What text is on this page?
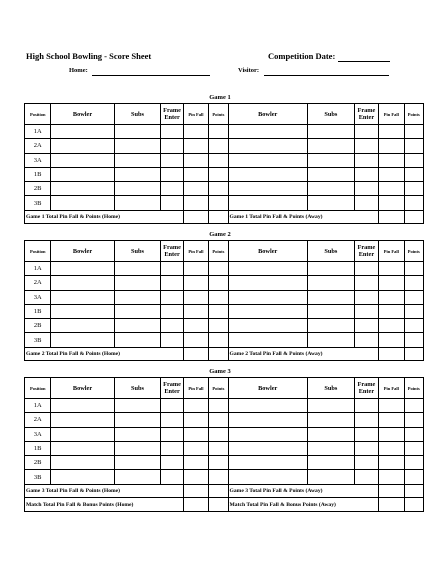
High School Bowling - Score Sheet	Competition Date:
Home:	Visitor:
Game 1
Position	Bowler	Subs	Frame Enter	Pin Fall	Points	Bowler	Subs	Frame Enter	Pin Fall	Points
1A										
2A										
3A										
1B										
2B										
3B										
Game 1 Total Pin Fall & Points (Home)						Game 1 Total Pin Fall & Points (Away)				
Game 2
Position	Bowler	Subs	Frame Enter	Pin Fall	Points	Bowler	Subs	Frame Enter	Pin Fall	Points
1A										
2A										
3A										
1B										
2B										
3B										
Game 2 Total Pin Fall & Points (Home)						Game 2 Total Pin Fall & Points (Away)				
Game 3
Position	Bowler	Subs	Frame Enter	Pin Fall	Points	Bowler	Subs	Frame Enter	Pin Fall	Points
1A										
2A										
3A										
1B										
2B										
3B										
Game 3 Total Pin Fall & Points (Home)						Game 3 Total Pin Fall & Points (Away)				
Match Total Pin Fall & Bonus Points (Home)						Match Total Pin Fall & Bonus Points (Away)				
